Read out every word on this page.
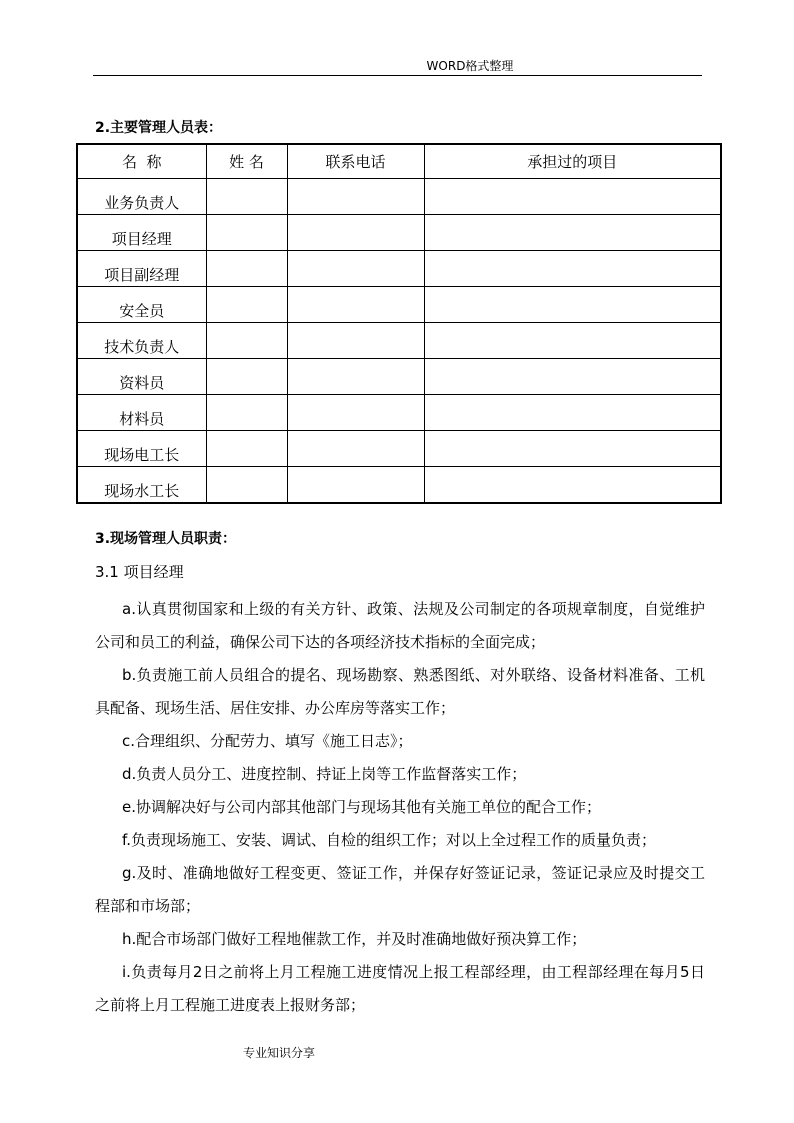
WORD格式整理
2.主要管理人员表：
名  称	姓 名	联系电话	承担过的项目
业务负责人			
项目经理			
项目副经理			
安全员			
技术负责人			
资料员			
材料员			
现场电工长			
现场水工长			
3.现场管理人员职责：
3.1 项目经理
a.认真贯彻国家和上级的有关方针、政策、法规及公司制定的各项规章制度，自觉维护公司和员工的利益，确保公司下达的各项经济技术指标的全面完成；
b.负责施工前人员组合的提名、现场勘察、熟悉图纸、对外联络、设备材料准备、工机具配备、现场生活、居住安排、办公库房等落实工作；
c.合理组织、分配劳力、填写《施工日志》；
d.负责人员分工、进度控制、持证上岗等工作监督落实工作；
e.协调解决好与公司内部其他部门与现场其他有关施工单位的配合工作；
f.负责现场施工、安装、调试、自检的组织工作；对以上全过程工作的质量负责；
g.及时、准确地做好工程变更、签证工作，并保存好签证记录，签证记录应及时提交工程部和市场部；
h.配合市场部门做好工程地催款工作，并及时准确地做好预决算工作；
i.负责每月2日之前将上月工程施工进度情况上报工程部经理，由工程部经理在每月5日之前将上月工程施工进度表上报财务部；
专业知识分享
